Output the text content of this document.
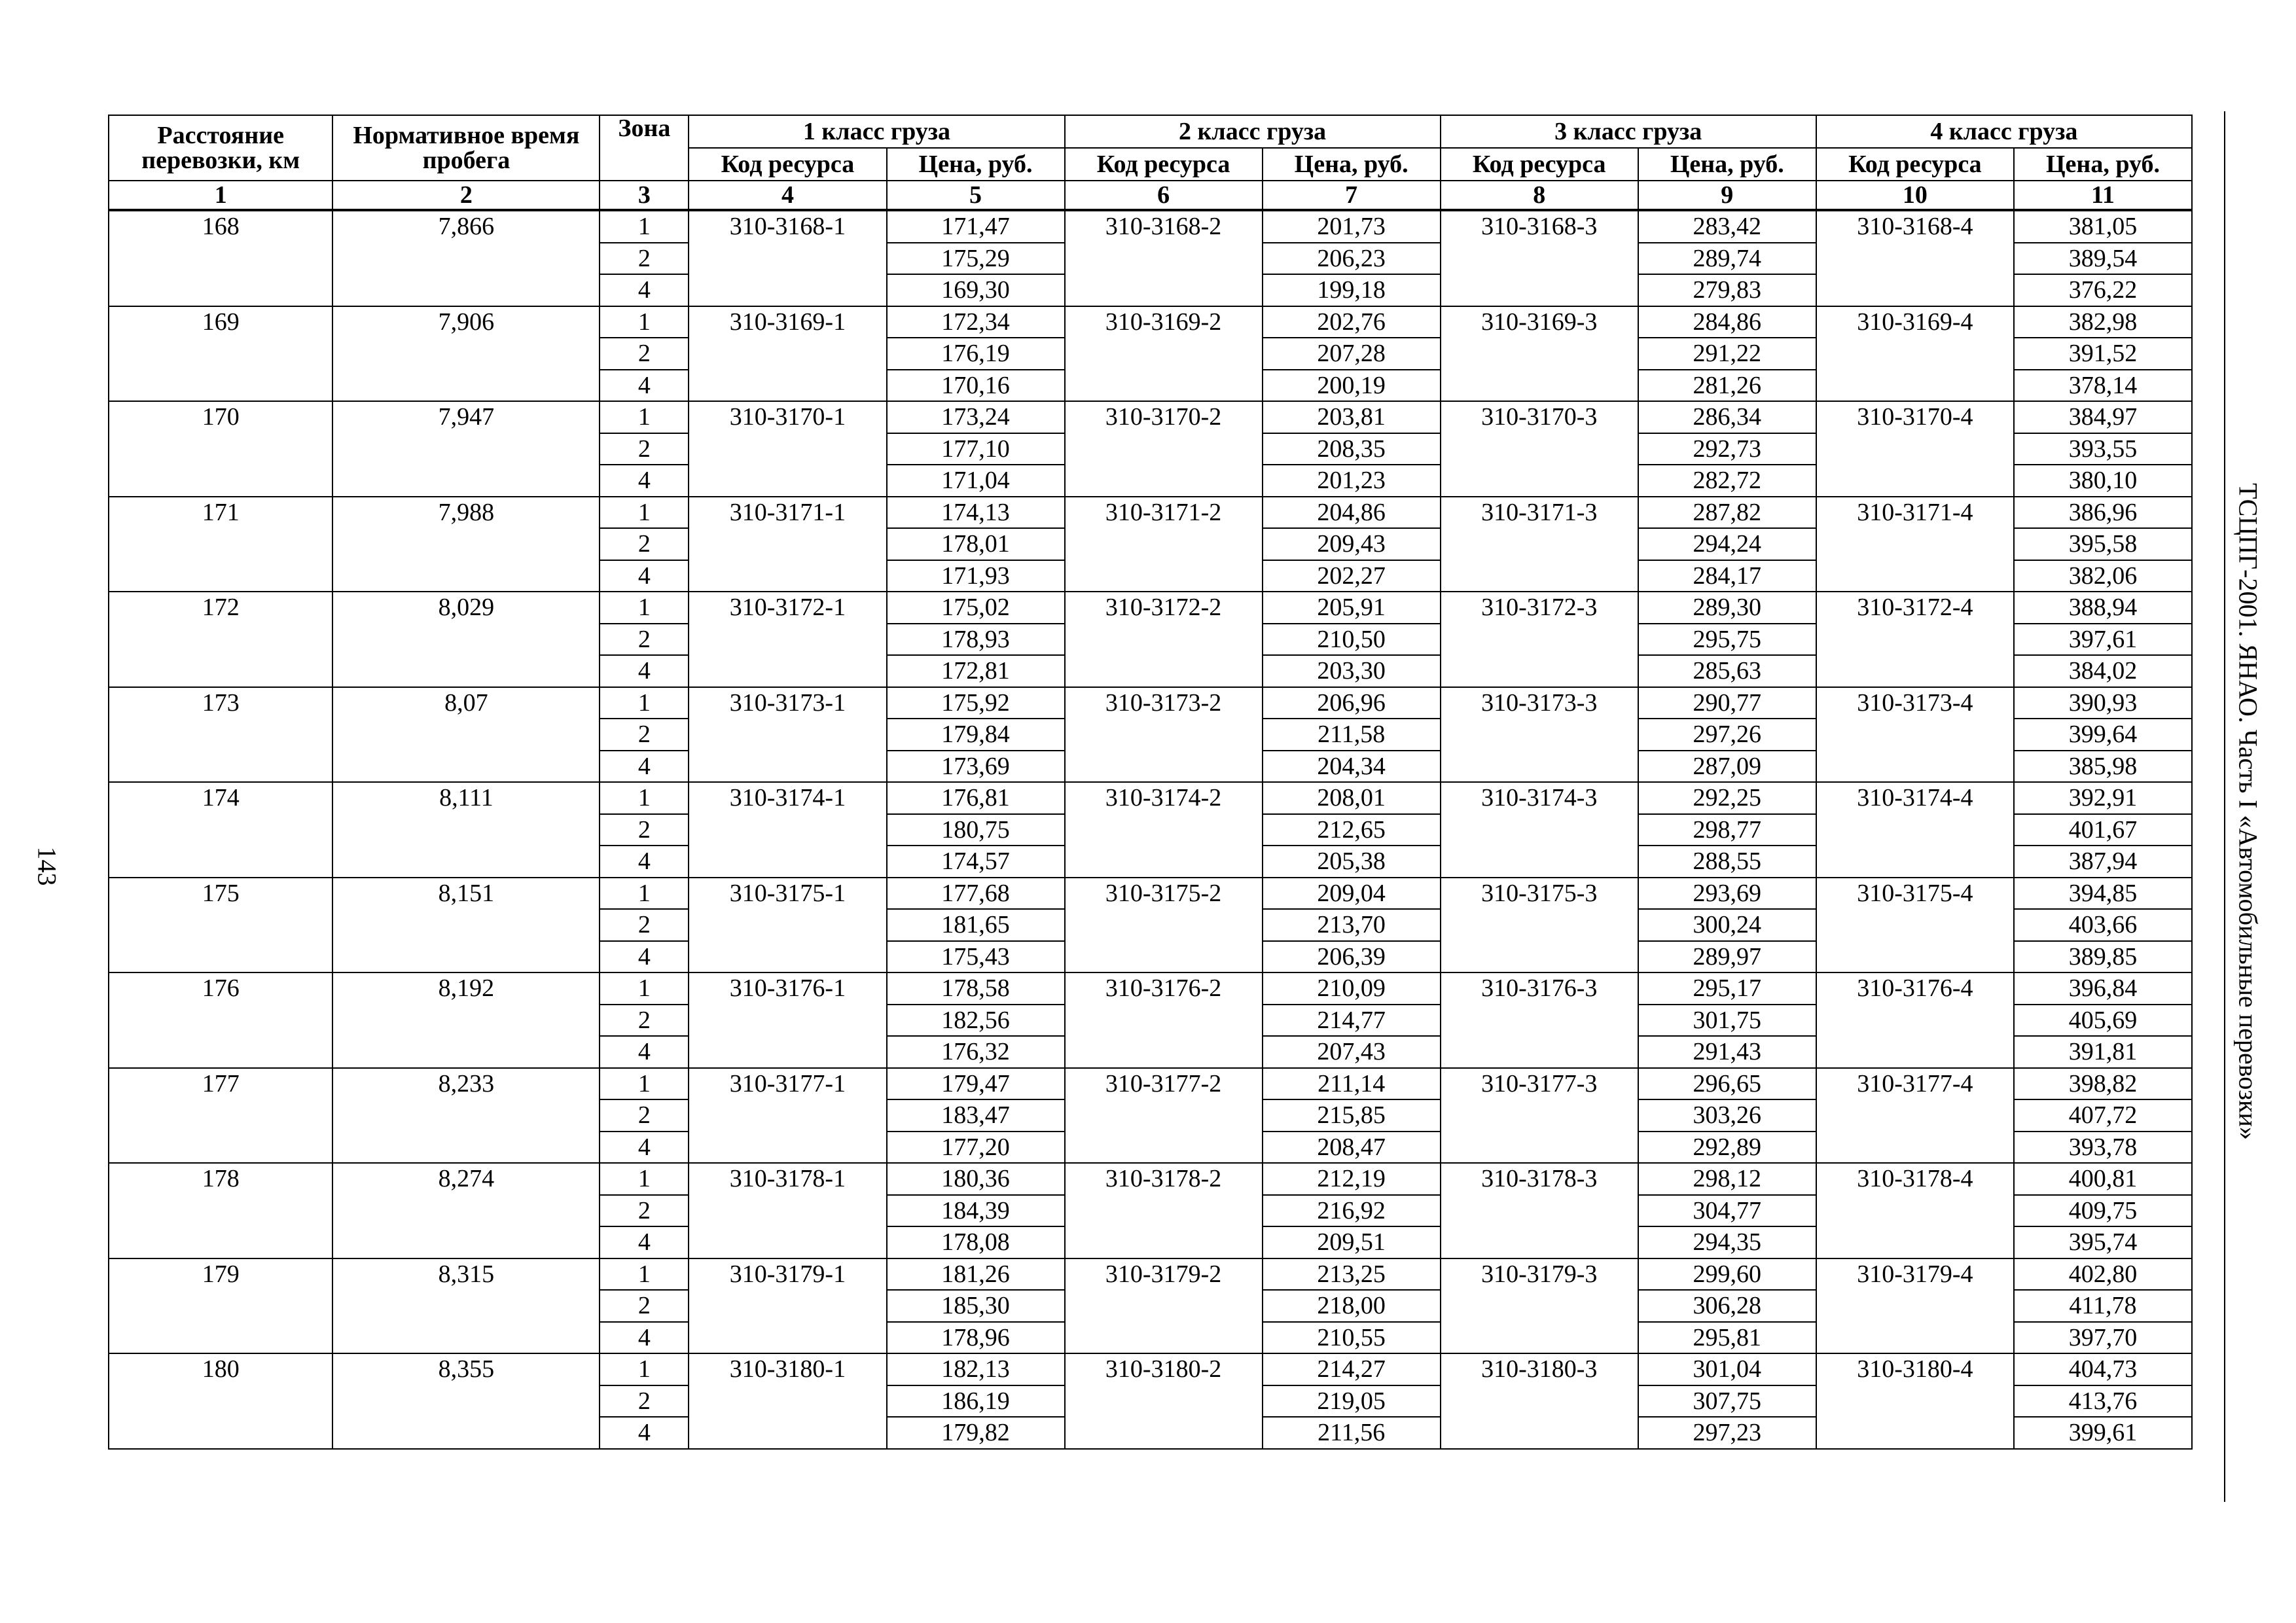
Расстояние перевозки, км	Нормативное время пробега	Зона	1 класс груза		2 класс груза		3 класс груза		4 класс груза	
			Код ресурса	Цена, руб.	Код ресурса	Цена, руб.	Код ресурса	Цена, руб.	Код ресурса	Цена, руб.
1	2	3	4	5	6	7	8	9	10	11
168	7,866	1	310-3168-1	171,47	310-3168-2	201,73	310-3168-3	283,42	310-3168-4	381,05
		2		175,29		206,23		289,74		389,54
		4		169,30		199,18		279,83		376,22
169	7,906	1	310-3169-1	172,34	310-3169-2	202,76	310-3169-3	284,86	310-3169-4	382,98
		2		176,19		207,28		291,22		391,52
		4		170,16		200,19		281,26		378,14
170	7,947	1	310-3170-1	173,24	310-3170-2	203,81	310-3170-3	286,34	310-3170-4	384,97
		2		177,10		208,35		292,73		393,55
		4		171,04		201,23		282,72		380,10
171	7,988	1	310-3171-1	174,13	310-3171-2	204,86	310-3171-3	287,82	310-3171-4	386,96
		2		178,01		209,43		294,24		395,58
		4		171,93		202,27		284,17		382,06
172	8,029	1	310-3172-1	175,02	310-3172-2	205,91	310-3172-3	289,30	310-3172-4	388,94
		2		178,93		210,50		295,75		397,61
		4		172,81		203,30		285,63		384,02
173	8,07	1	310-3173-1	175,92	310-3173-2	206,96	310-3173-3	290,77	310-3173-4	390,93
		2		179,84		211,58		297,26		399,64
		4		173,69		204,34		287,09		385,98
174	8,111	1	310-3174-1	176,81	310-3174-2	208,01	310-3174-3	292,25	310-3174-4	392,91
		2		180,75		212,65		298,77		401,67
		4		174,57		205,38		288,55		387,94
175	8,151	1	310-3175-1	177,68	310-3175-2	209,04	310-3175-3	293,69	310-3175-4	394,85
		2		181,65		213,70		300,24		403,66
		4		175,43		206,39		289,97		389,85
176	8,192	1	310-3176-1	178,58	310-3176-2	210,09	310-3176-3	295,17	310-3176-4	396,84
		2		182,56		214,77		301,75		405,69
		4		176,32		207,43		291,43		391,81
177	8,233	1	310-3177-1	179,47	310-3177-2	211,14	310-3177-3	296,65	310-3177-4	398,82
		2		183,47		215,85		303,26		407,72
		4		177,20		208,47		292,89		393,78
178	8,274	1	310-3178-1	180,36	310-3178-2	212,19	310-3178-3	298,12	310-3178-4	400,81
		2		184,39		216,92		304,77		409,75
		4		178,08		209,51		294,35		395,74
179	8,315	1	310-3179-1	181,26	310-3179-2	213,25	310-3179-3	299,60	310-3179-4	402,80
		2		185,30		218,00		306,28		411,78
		4		178,96		210,55		295,81		397,70
180	8,355	1	310-3180-1	182,13	310-3180-2	214,27	310-3180-3	301,04	310-3180-4	404,73
		2		186,19		219,05		307,75		413,76
		4		179,82		211,56		297,23		399,61
143	ТСЦПГ-2001. ЯНАО. Часть I «Автомобильные перевозки»
